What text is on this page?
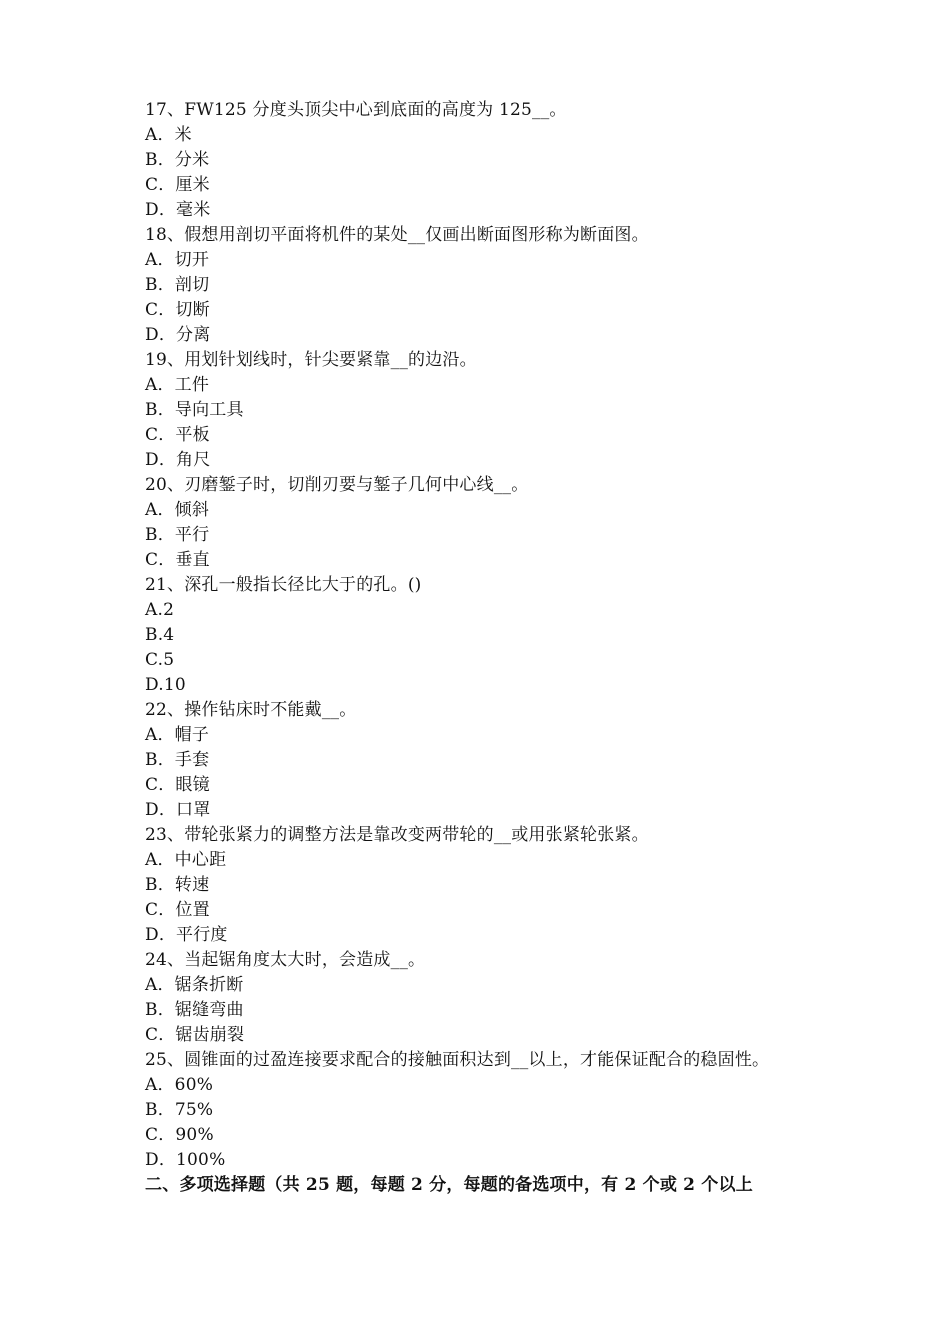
17、FW125 分度头顶尖中心到底面的高度为 125__。
A．米
B．分米
C．厘米
D．毫米
18、假想用剖切平面将机件的某处__仅画出断面图形称为断面图。
A．切开
B．剖切
C．切断
D．分离
19、用划针划线时，针尖要紧靠__的边沿。
A．工件
B．导向工具
C．平板
D．角尺
20、刃磨錾子时，切削刃要与錾子几何中心线__。
A．倾斜
B．平行
C．垂直
21、深孔一般指长径比大于的孔。()
A.2
B.4
C.5
D.10
22、操作钻床时不能戴__。
A．帽子
B．手套
C．眼镜
D．口罩
23、带轮张紧力的调整方法是靠改变两带轮的__或用张紧轮张紧。
A．中心距
B．转速
C．位置
D．平行度
24、当起锯角度太大时，会造成__。
A．锯条折断
B．锯缝弯曲
C．锯齿崩裂
25、圆锥面的过盈连接要求配合的接触面积达到__以上，才能保证配合的稳固性。
A．60%
B．75%
C．90%
D．100%
二、多项选择题（共 25 题，每题 2 分，每题的备选项中，有 2 个或 2 个以上
